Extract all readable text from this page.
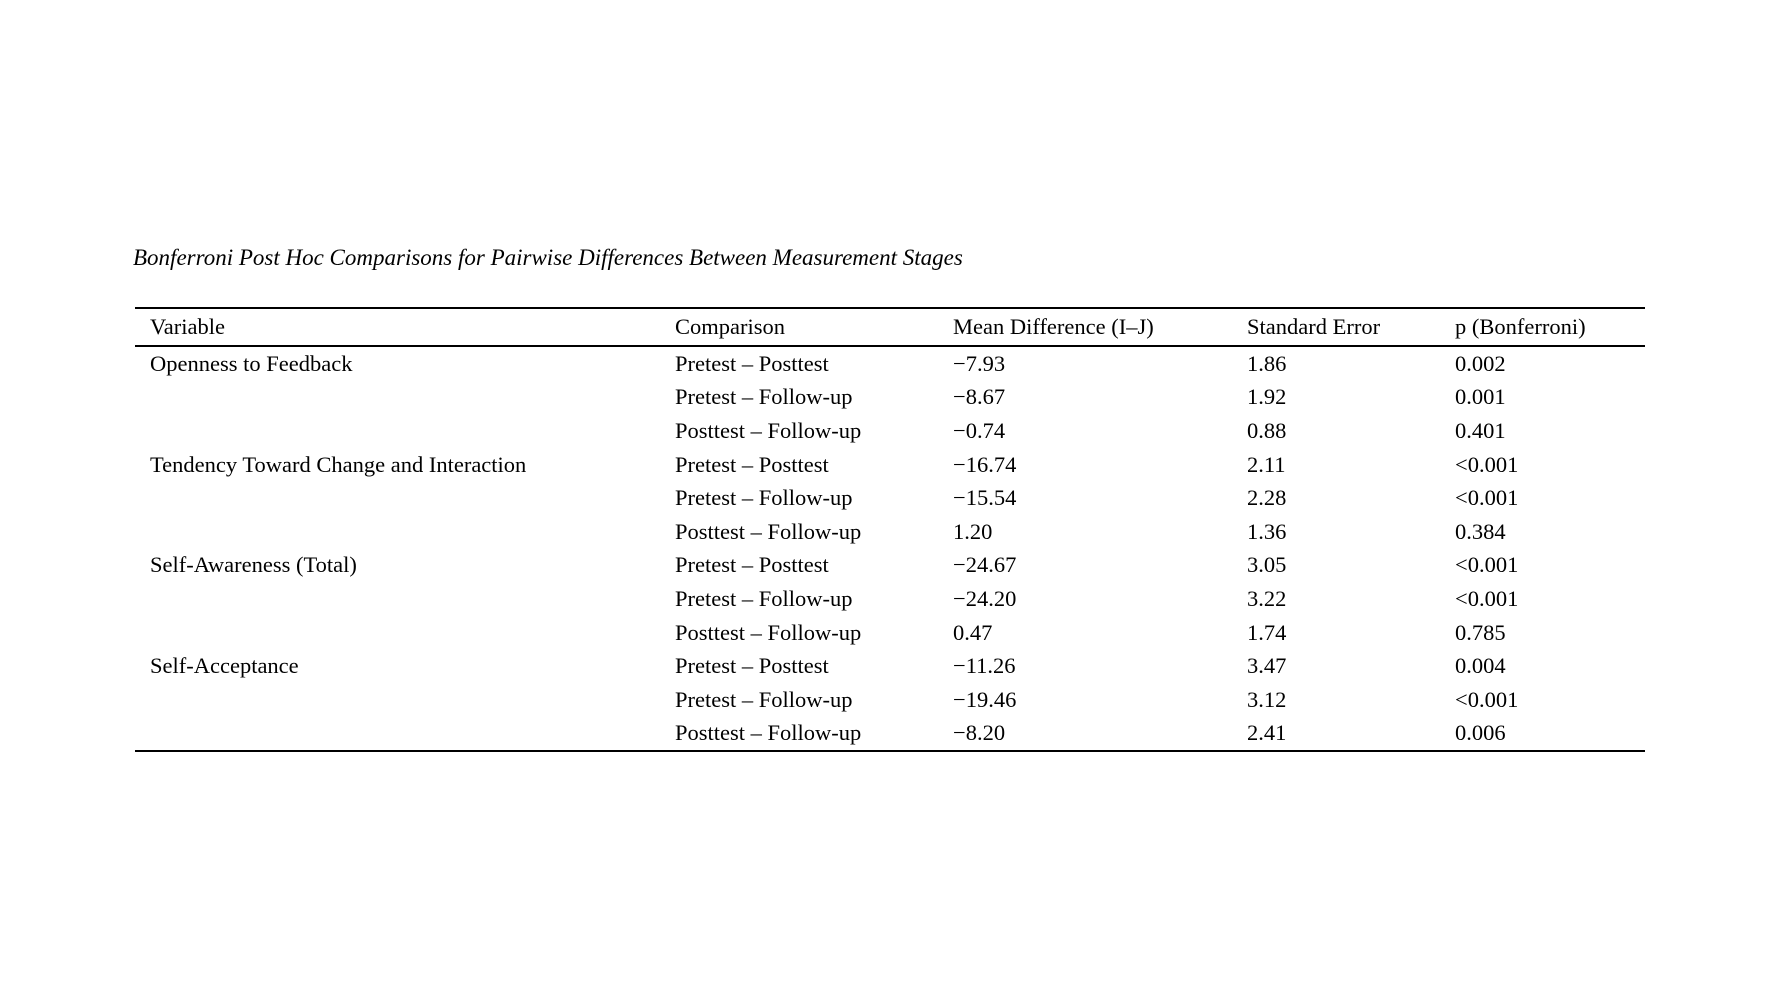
Bonferroni Post Hoc Comparisons for Pairwise Differences Between Measurement Stages
Variable	Comparison	Mean Difference (I–J)	Standard Error	p (Bonferroni)
Openness to Feedback	Pretest – Posttest	−7.93	1.86	0.002
	Pretest – Follow-up	−8.67	1.92	0.001
	Posttest – Follow-up	−0.74	0.88	0.401
Tendency Toward Change and Interaction	Pretest – Posttest	−16.74	2.11	<0.001
	Pretest – Follow-up	−15.54	2.28	<0.001
	Posttest – Follow-up	1.20	1.36	0.384
Self-Awareness (Total)	Pretest – Posttest	−24.67	3.05	<0.001
	Pretest – Follow-up	−24.20	3.22	<0.001
	Posttest – Follow-up	0.47	1.74	0.785
Self-Acceptance	Pretest – Posttest	−11.26	3.47	0.004
	Pretest – Follow-up	−19.46	3.12	<0.001
	Posttest – Follow-up	−8.20	2.41	0.006
